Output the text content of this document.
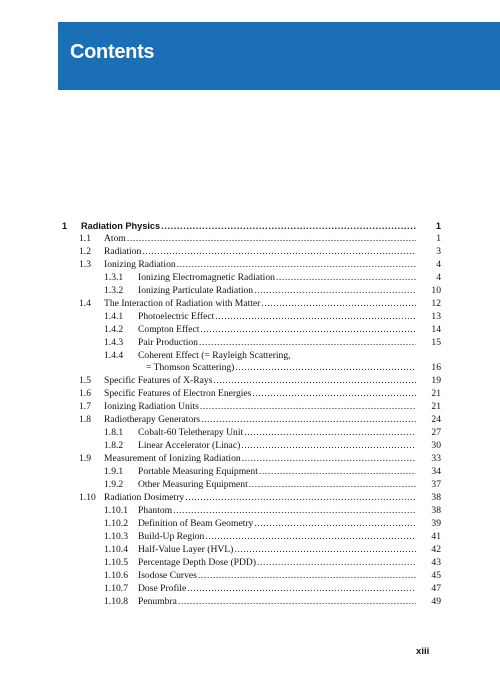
Contents
1 Radiation Physics .....	1
1.1 Atom .....	1
1.2 Radiation .....	3
1.3 Ionizing Radiation .....	4
1.3.1 Ionizing Electromagnetic Radiation .....	4
1.3.2 Ionizing Particulate Radiation .....	10
1.4 The Interaction of Radiation with Matter .....	12
1.4.1 Photoelectric Effect .....	13
1.4.2 Compton Effect .....	14
1.4.3 Pair Production .....	15
1.4.4 Coherent Effect (= Rayleigh Scattering,
= Thomson Scattering) .....	16
1.5 Specific Features of X-Rays .....	19
1.6 Specific Features of Electron Energies .....	21
1.7 Ionizing Radiation Units .....	21
1.8 Radiotherapy Generators .....	24
1.8.1 Cobalt-60 Teletherapy Unit .....	27
1.8.2 Linear Accelerator (Linac) .....	30
1.9 Measurement of Ionizing Radiation .....	33
1.9.1 Portable Measuring Equipment .....	34
1.9.2 Other Measuring Equipment .....	37
1.10 Radiation Dosimetry .....	38
1.10.1 Phantom .....	38
1.10.2 Definition of Beam Geometry .....	39
1.10.3 Build-Up Region .....	41
1.10.4 Half-Value Layer (HVL) .....	42
1.10.5 Percentage Depth Dose (PDD) .....	43
1.10.6 Isodose Curves .....	45
1.10.7 Dose Profile .....	47
1.10.8 Penumbra .....	49
xiii
